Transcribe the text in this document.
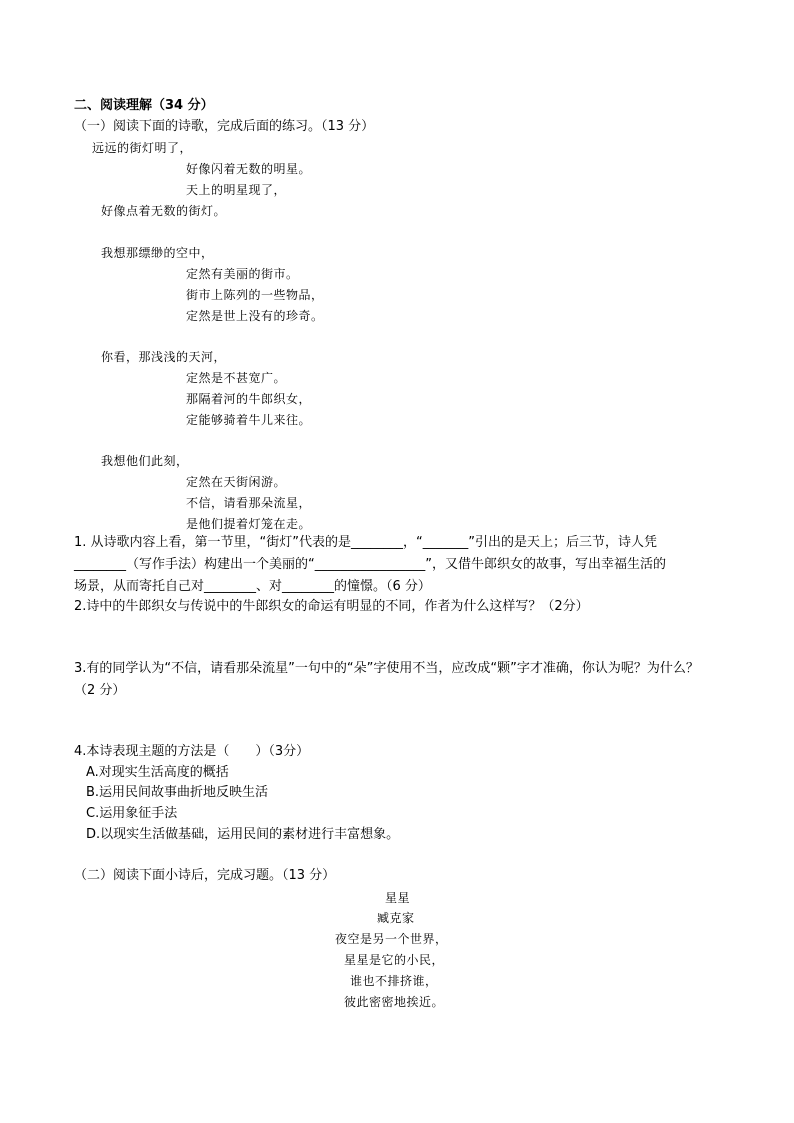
二、阅读理解（34 分）
（一）阅读下面的诗歌，完成后面的练习。（13 分）
远远的街灯明了，
好像闪着无数的明星。
天上的明星现了，
好像点着无数的街灯。
我想那缥缈的空中，
定然有美丽的街市。
街市上陈列的一些物品，
定然是世上没有的珍奇。
你看，那浅浅的天河，
定然是不甚宽广。
那隔着河的牛郎织女，
定能够骑着牛儿来往。
我想他们此刻，
定然在天街闲游。
不信，请看那朵流星，
是他们提着灯笼在走。
1. 从诗歌内容上看，第一节里，“街灯”代表的是________，“_______”引出的是天上；后三节，诗人凭
________（写作手法）构建出一个美丽的“_________________”，又借牛郎织女的故事，写出幸福生活的
场景，从而寄托自己对________、对________的憧憬。（6 分）
2.诗中的牛郎织女与传说中的牛郎织女的命运有明显的不同，作者为什么这样写？（2分）
3.有的同学认为“不信，请看那朵流星”一句中的“朵”字使用不当，应改成“颗”字才准确，你认为呢？为什么？
（2 分）
4.本诗表现主题的方法是（　　）（3分）
A.对现实生活高度的概括
B.运用民间故事曲折地反映生活
C.运用象征手法
D.以现实生活做基础，运用民间的素材进行丰富想象。
（二）阅读下面小诗后，完成习题。（13 分）
星星
臧克家
夜空是另一个世界，
星星是它的小民，
谁也不排挤谁，
彼此密密地挨近。
